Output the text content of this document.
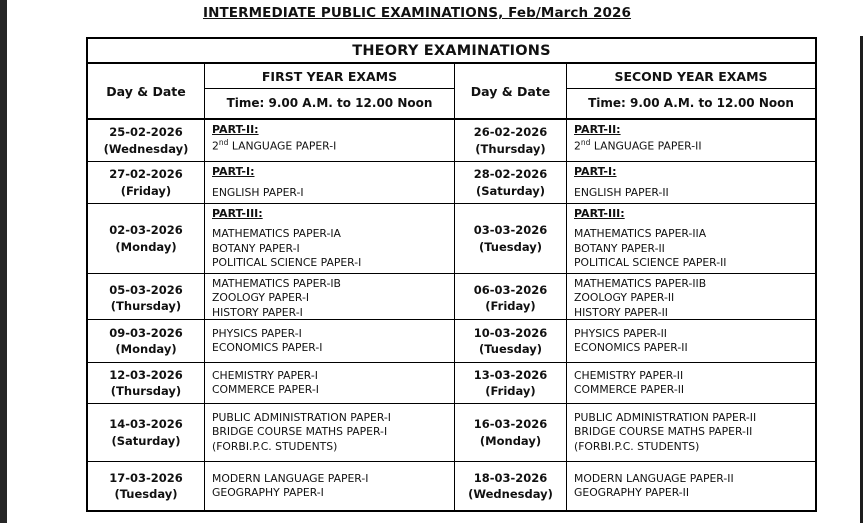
INTERMEDIATE PUBLIC EXAMINATIONS, Feb/March 2026
THEORY EXAMINATIONS
Day & Date
FIRST YEAR EXAMS
Time: 9.00 A.M. to 12.00 Noon
Day & Date
SECOND YEAR EXAMS
Time: 9.00 A.M. to 12.00 Noon
25-02-2026
(Wednesday)
PART-II:
2nd LANGUAGE PAPER-I
26-02-2026
(Thursday)
PART-II:
2nd LANGUAGE PAPER-II
27-02-2026
(Friday)
PART-I:
ENGLISH PAPER-I
28-02-2026
(Saturday)
PART-I:
ENGLISH PAPER-II
02-03-2026
(Monday)
PART-III:
MATHEMATICS PAPER-IA
BOTANY PAPER-I
POLITICAL SCIENCE PAPER-I
03-03-2026
(Tuesday)
PART-III:
MATHEMATICS PAPER-IIA
BOTANY PAPER-II
POLITICAL SCIENCE PAPER-II
05-03-2026
(Thursday)
MATHEMATICS PAPER-IB
ZOOLOGY PAPER-I
HISTORY PAPER-I
06-03-2026
(Friday)
MATHEMATICS PAPER-IIB
ZOOLOGY PAPER-II
HISTORY PAPER-II
09-03-2026
(Monday)
PHYSICS PAPER-I
ECONOMICS PAPER-I
10-03-2026
(Tuesday)
PHYSICS PAPER-II
ECONOMICS PAPER-II
12-03-2026
(Thursday)
CHEMISTRY PAPER-I
COMMERCE PAPER-I
13-03-2026
(Friday)
CHEMISTRY PAPER-II
COMMERCE PAPER-II
14-03-2026
(Saturday)
PUBLIC ADMINISTRATION PAPER-I
BRIDGE COURSE MATHS PAPER-I
(FORBI.P.C. STUDENTS)
16-03-2026
(Monday)
PUBLIC ADMINISTRATION PAPER-II
BRIDGE COURSE MATHS PAPER-II
(FORBI.P.C. STUDENTS)
17-03-2026
(Tuesday)
MODERN LANGUAGE PAPER-I
GEOGRAPHY PAPER-I
18-03-2026
(Wednesday)
MODERN LANGUAGE PAPER-II
GEOGRAPHY PAPER-II
